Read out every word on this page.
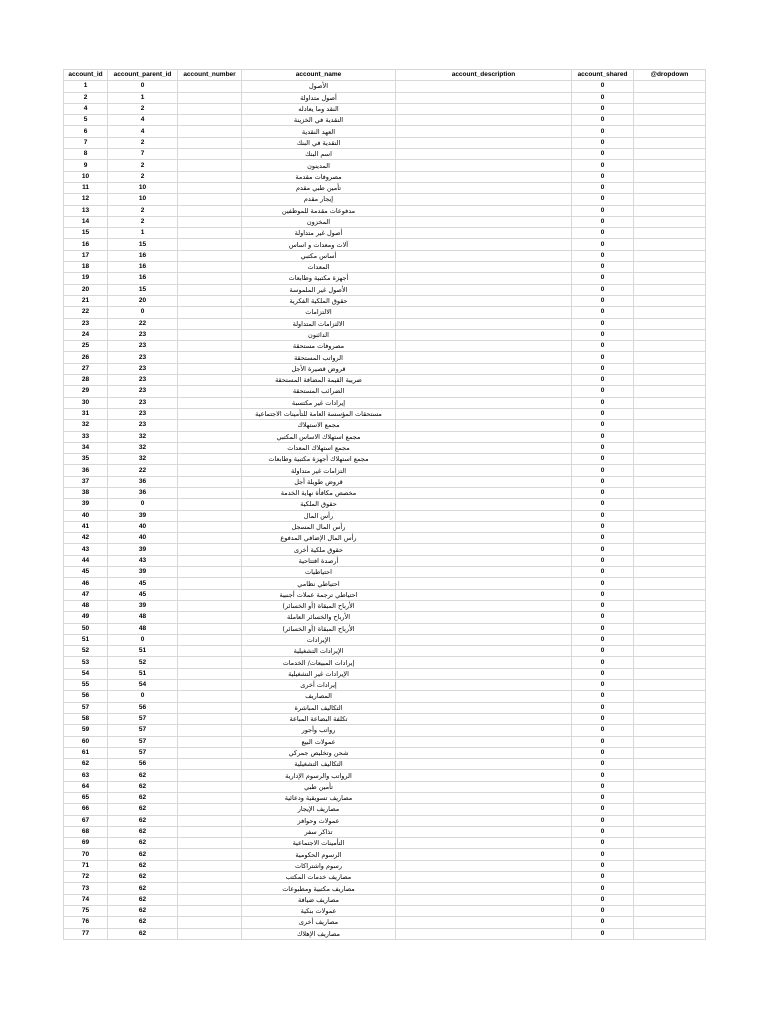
account_id	account_parent_id	account_number	account_name	account_description	account_shared	@dropdown
1	0		الأصول		0	
2	1		أصول متداولة		0	
4	2		النقد وما يعادله		0	
5	4		النقدية في الخزينة		0	
6	4		العهد النقدية		0	
7	2		النقدية في البنك		0	
8	7		اسم البنك		0	
9	2		المدينون		0	
10	2		مصروفات مقدمة		0	
11	10		تأمين طبي مقدم		0	
12	10		إيجار مقدم		0	
13	2		مدفوعات مقدمة للموظفين		0	
14	2		المخزون		0	
15	1		أصول غير متداولة		0	
16	15		آلات ومعدات و اساس		0	
17	16		أساس مكتبي		0	
18	16		المعدات		0	
19	16		أجهزة مكتبية وطابعات		0	
20	15		الأصول غير الملموسة		0	
21	20		حقوق الملكية الفكرية		0	
22	0		الالتزامات		0	
23	22		الالتزامات المتداولة		0	
24	23		الدائنون		0	
25	23		مصروفات مستحقة		0	
26	23		الرواتب المستحقة		0	
27	23		قروض قصيرة الأجل		0	
28	23		ضريبة القيمة المضافة المستحقة		0	
29	23		الضرائب المستحقة		0	
30	23		إيرادات غير مكتسبة		0	
31	23		مستحقات المؤسسة العامة للتأمينات الاجتماعية		0	
32	23		مجمع الاستهلاك		0	
33	32		مجمع استهلاك الاساس المكتبي		0	
34	32		مجمع استهلاك المعدات		0	
35	32		مجمع استهلاك أجهزة مكتبية وطابعات		0	
36	22		التزامات غير متداولة		0	
37	36		قروض طويلة أجل		0	
38	36		مخصص مكافأة نهاية الخدمة		0	
39	0		حقوق الملكية		0	
40	39		رأس المال		0	
41	40		رأس المال المسجل		0	
42	40		رأس المال الإضافي المدفوع		0	
43	39		حقوق ملكية أخرى		0	
44	43		أرصدة افتتاحية		0	
45	39		احتياطيات		0	
46	45		احتياطي نظامي		0	
47	45		احتياطي ترجمة عملات أجنبية		0	
48	39		الأرباح المبقاة (أو الخسائر)		0	
49	48		الأرباح والخسائر العاملة		0	
50	48		الأرباح المبقاة (أو الخسائر)		0	
51	0		الإيرادات		0	
52	51		الإيرادات التشغيلية		0	
53	52		إيرادات المبيعات/ الخدمات		0	
54	51		الإيرادات غير التشغيلية		0	
55	54		إيرادات أخرى		0	
56	0		المصاريف		0	
57	56		التكاليف المباشرة		0	
58	57		تكلفة البضاعة المباعة		0	
59	57		رواتب وأجور		0	
60	57		عمولات البيع		0	
61	57		شحن وتخليص جمركي		0	
62	56		التكاليف التشغيلية		0	
63	62		الرواتب والرسوم الإدارية		0	
64	62		تأمين طبي		0	
65	62		مصاريف تسويقية ودعائية		0	
66	62		مصاريف الإيجار		0	
67	62		عمولات وحوافز		0	
68	62		تذاكر سفر		0	
69	62		التأمينات الاجتماعية		0	
70	62		الرسوم الحكومية		0	
71	62		رسوم واشتراكات		0	
72	62		مصاريف خدمات المكتب		0	
73	62		مصاريف مكتبية ومطبوعات		0	
74	62		مصاريف ضيافة		0	
75	62		عمولات بنكية		0	
76	62		مصاريف أخرى		0	
77	62		مصاريف الإهلاك		0	
